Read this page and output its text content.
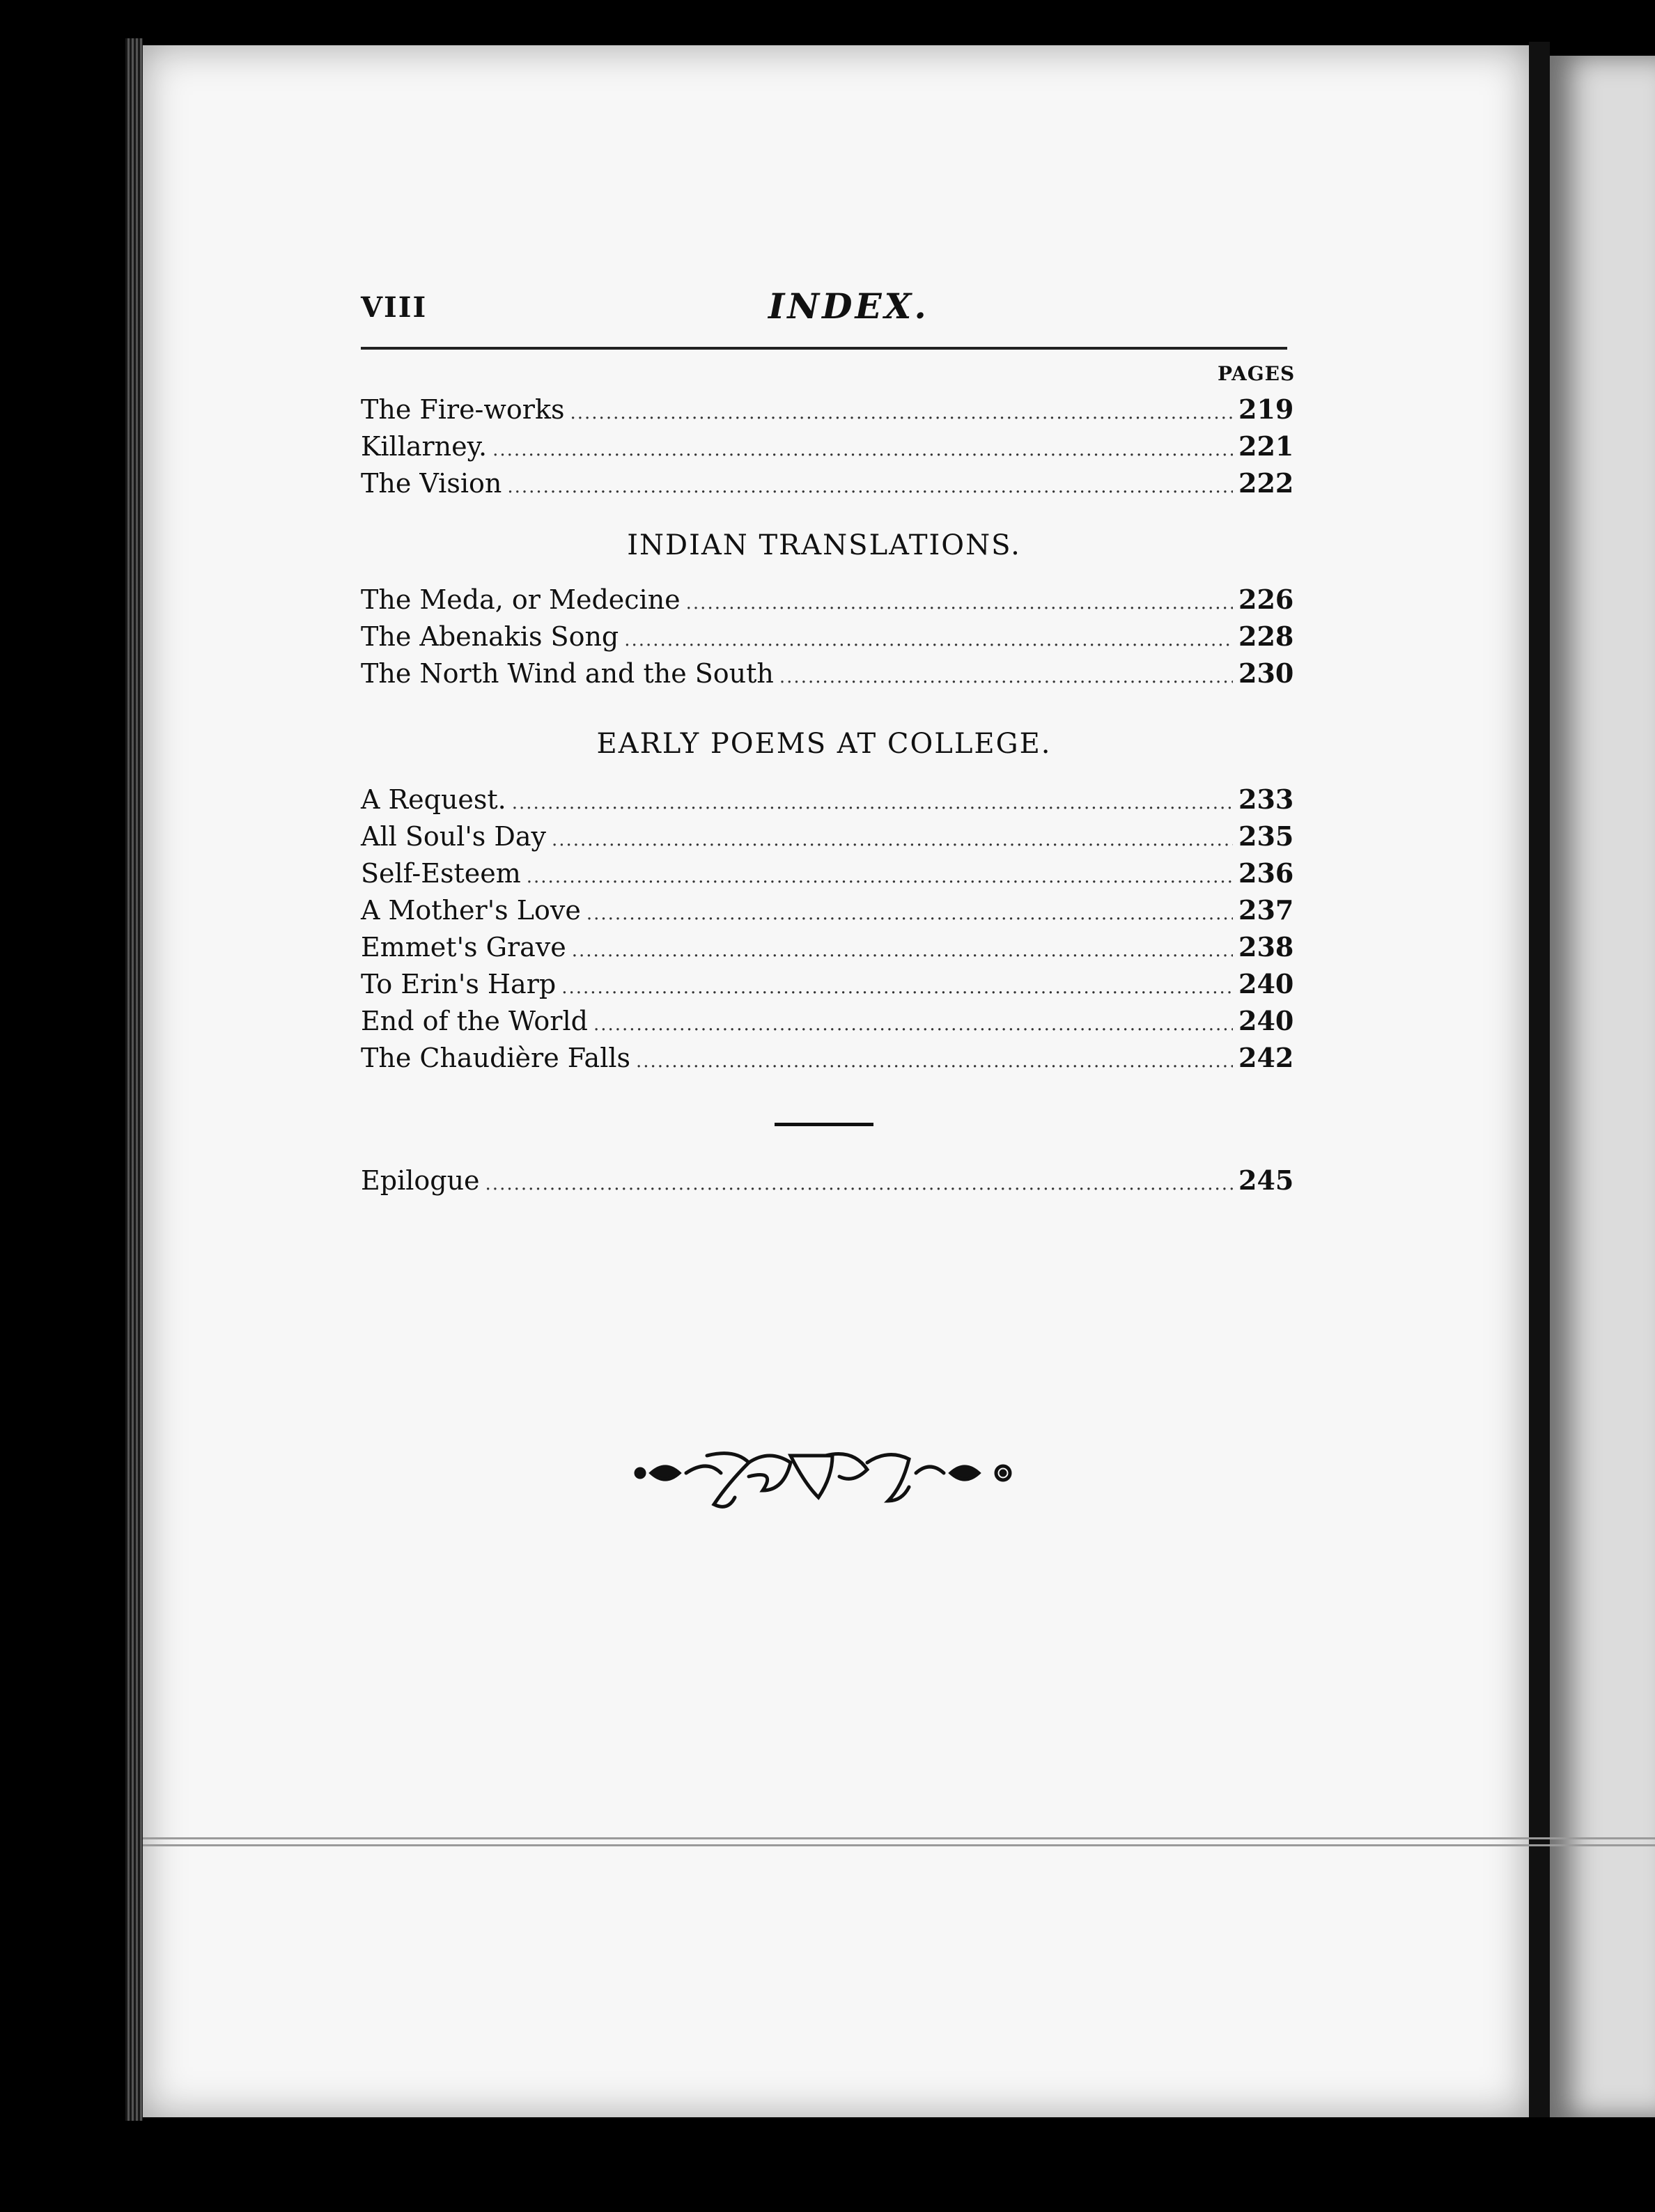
VIII	INDEX.
PAGES
The Fire-works .....	219
Killarney. .....	221
The Vision .....	222
INDIAN TRANSLATIONS.
The Meda, or Medecine .....	226
The Abenakis Song .....	228
The North Wind and the South .....	230
EARLY POEMS AT COLLEGE.
A Request. .....	233
All Soul's Day .....	235
Self-Esteem .....	236
A Mother's Love .....	237
Emmet's Grave .....	238
To Erin's Harp .....	240
End of the World .....	240
The Chaudière Falls .....	242
Epilogue .....	245
